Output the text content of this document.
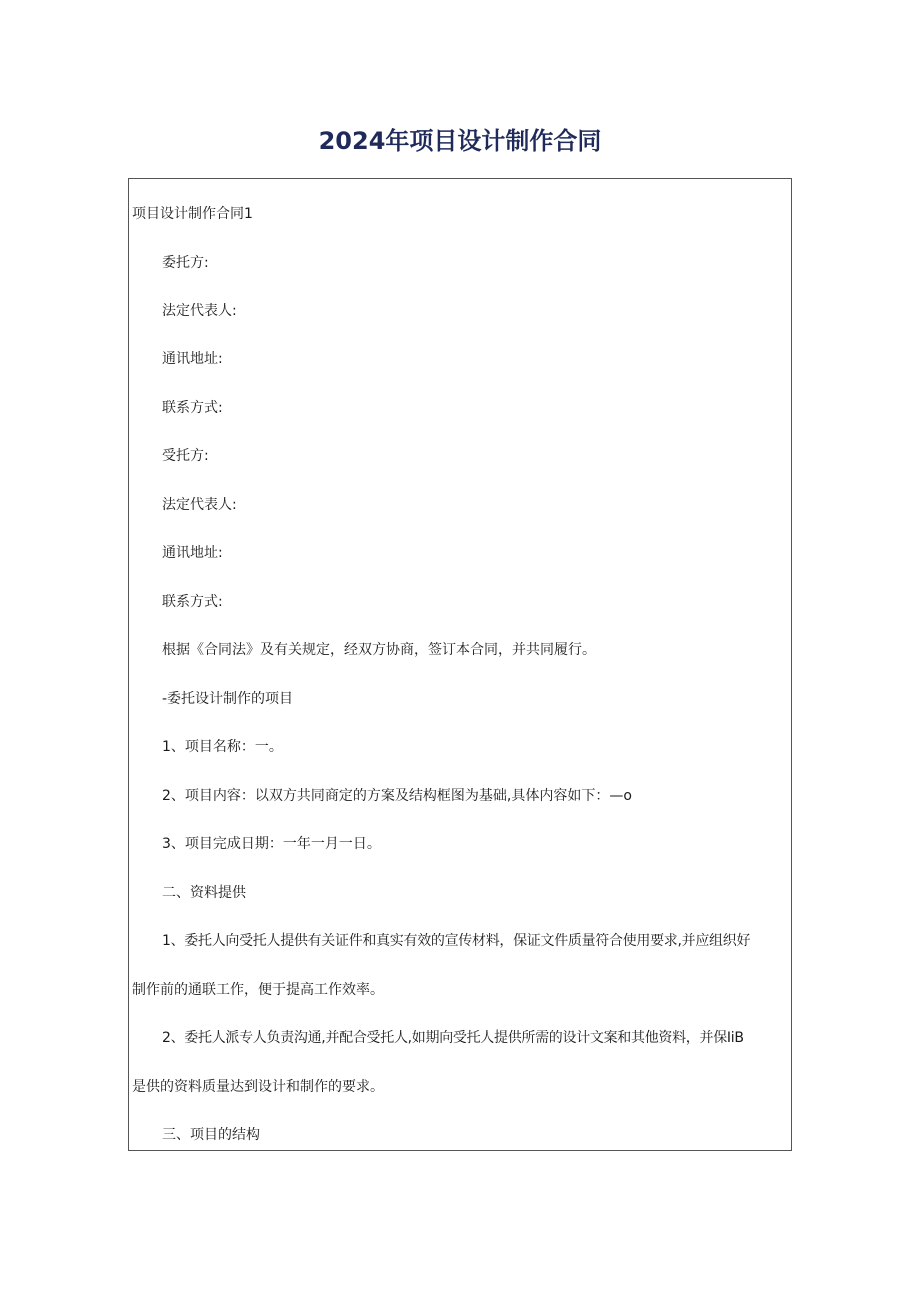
2024年项目设计制作合同
项目设计制作合同1
委托方:
法定代表人:
通讯地址:
联系方式:
受托方:
法定代表人:
通讯地址:
联系方式:
根据《合同法》及有关规定，经双方协商，签订本合同，并共同履行。
-委托设计制作的项目
1、项目名称：一。
2、项目内容：以双方共同商定的方案及结构框图为基础,具体内容如下：—o
3、项目完成日期：一年一月一日。
二、资料提供
1、委托人向受托人提供有关证件和真实有效的宣传材料，保证文件质量符合使用要求,并应组织好
制作前的通联工作，便于提高工作效率。
2、委托人派专人负责沟通,并配合受托人,如期向受托人提供所需的设计文案和其他资料，并保IiB
是供的资料质量达到设计和制作的要求。
三、项目的结构
